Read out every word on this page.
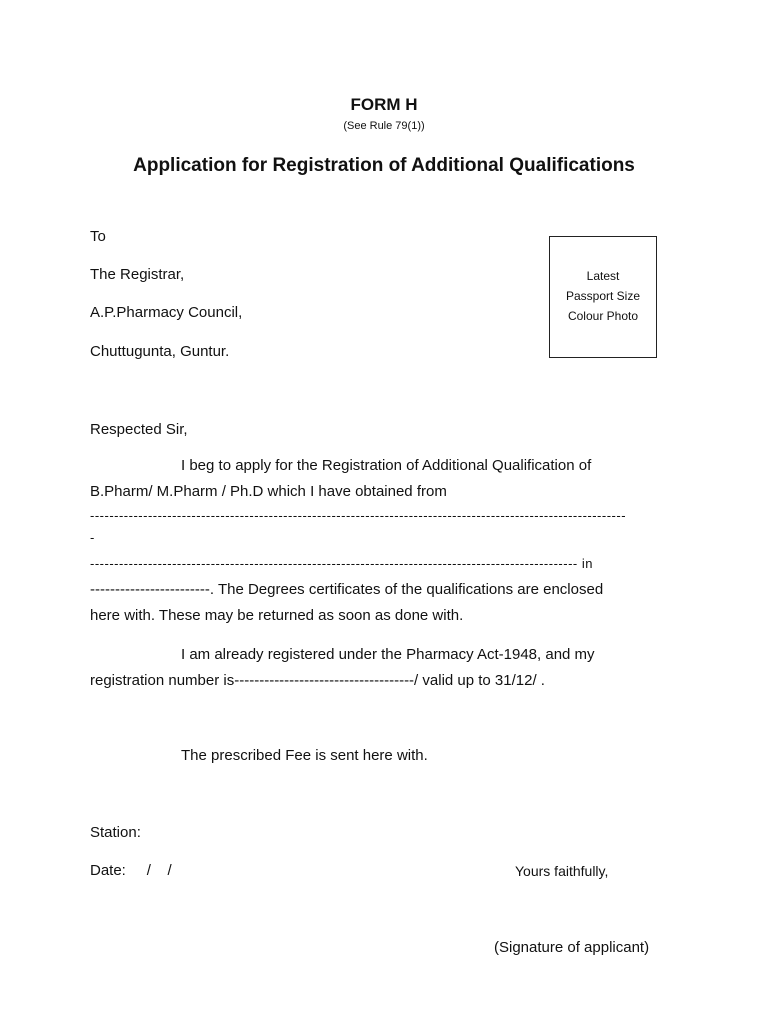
FORM H
(See Rule 79(1))
Application for Registration of Additional Qualifications
To
The Registrar,
A.P.Pharmacy Council,
Chuttugunta, Guntur.
Latest
Passport Size
Colour Photo
Respected Sir,
I beg to apply for the Registration of Additional Qualification of
B.Pharm/ M.Pharm / Ph.D which I have obtained from
---------------------------------------------------------------------------------------------------------------
-
----------------------------------------------------------------------------------------------------- in
------------------------. The Degrees certificates of the qualifications are enclosed
here with. These may be returned as soon as done with.
I am already registered under the Pharmacy Act-1948, and my
registration number is------------------------------------/ valid up to 31/12/ .
The prescribed Fee is sent here with.
Station:
Date:     /    /	Yours faithfully,
(Signature of applicant)
